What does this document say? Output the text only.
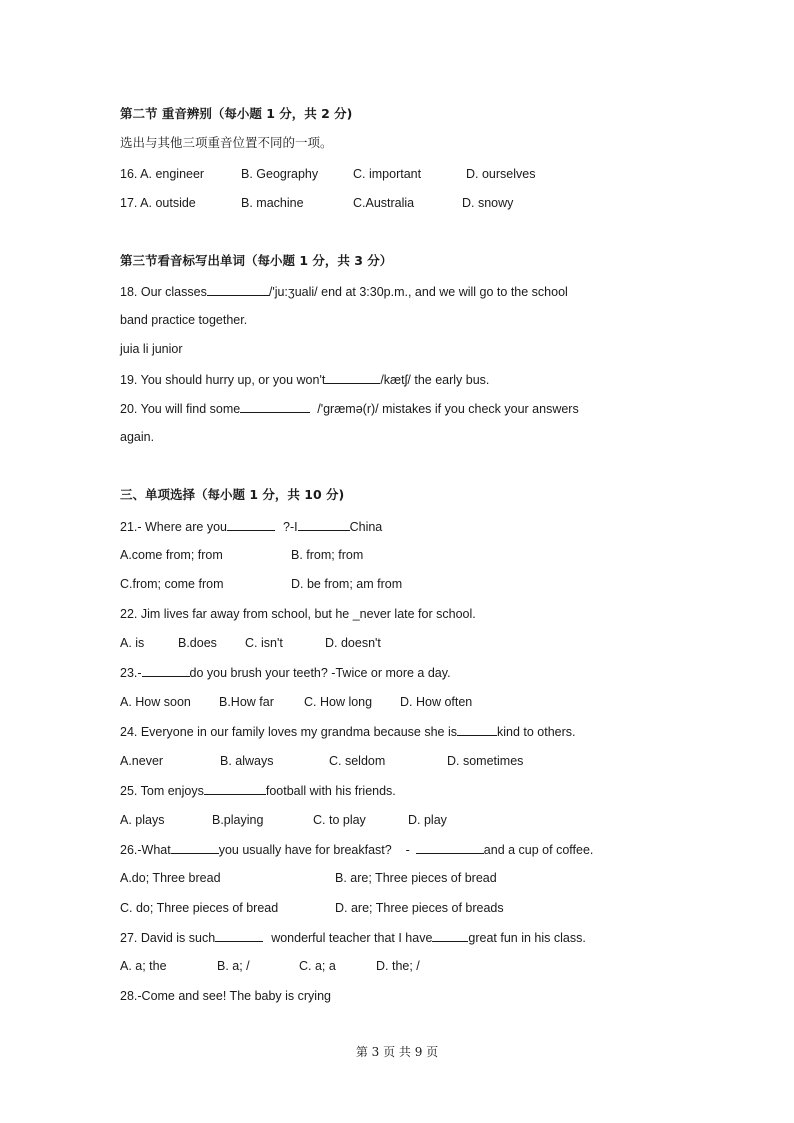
第二节 重音辨别（每小题 1 分，共 2 分)
选出与其他三项重音位置不同的一项。
16. A. engineer	B. Geography	C. important	D. ourselves
17. A. outside	B. machine	C.Australia	D. snowy
第三节看音标写出单词（每小题 1 分，共 3 分）
18. Our classes	/'ju:ʒuali/ end at 3:30p.m., and we will go to the school
band practice together.
juia li junior
19. You should hurry up, or you won't	/kætʃ/ the early bus.
20. You will find some	/'græmə(r)/ mistakes if you check your answers
again.
三、单项选择（每小题 1 分，共 10 分)
21.- Where are you	?-I	China
A.come from; from	B. from; from
C.from; come from	D. be from; am from
22. Jim lives far away from school, but he _never late for school.
A. is	B.does C. isn't	D. doesn't
23.-	do you brush your teeth? -Twice or more a day.
A. How soon B.How far C. How long D. How often
24. Everyone in our family loves my grandma because she is	kind to others.
A.never	B. always	C. seldom	D. sometimes
25. Tom enjoys	football with his friends.
A. plays	B.playing	C. to play	D. play
26.-What	you usually have for breakfast?    -	and a cup of coffee.
A.do; Three bread	B. are; Three pieces of bread
C. do; Three pieces of bread	D. are; Three pieces of breads
27. David is such	wonderful teacher that I have	great fun in his class.
A. a; the	B. a; /	C. a; a	D. the; /
28.-Come and see! The baby is crying
第 3 页 共 9 页
